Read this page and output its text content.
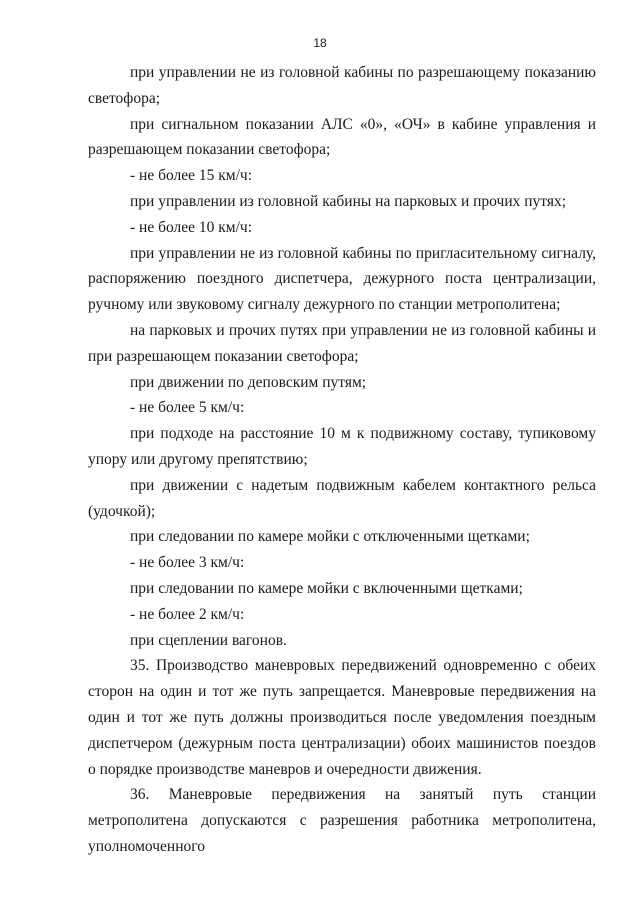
18

при управлении не из головной кабины по разрешающему показанию светофора;

при сигнальном показании АЛС «0», «ОЧ» в кабине управления и разрешающем показании светофора;

- не более 15 км/ч:

при управлении из головной кабины на парковых и прочих путях;

- не более 10 км/ч:

при управлении не из головной кабины по пригласительному сигналу, распоряжению поездного диспетчера, дежурного поста централизации, ручному или звуковому сигналу дежурного по станции метрополитена;

на парковых и прочих путях при управлении не из головной кабины и при разрешающем показании светофора;

при движении по деповским путям;

- не более 5 км/ч:

при подходе на расстояние 10 м к подвижному составу, тупиковому упору или другому препятствию;

при движении с надетым подвижным кабелем контактного рельса (удочкой);

при следовании по камере мойки с отключенными щетками;

- не более 3 км/ч:

при следовании по камере мойки с включенными щетками;

- не более 2 км/ч:

при сцеплении вагонов.

35. Производство маневровых передвижений одновременно с обеих сторон на один и тот же путь запрещается. Маневровые передвижения на один и тот же путь должны производиться после уведомления поездным диспетчером (дежурным поста централизации) обоих машинистов поездов о порядке производстве маневров и очередности движения.

36. Маневровые передвижения на занятый путь станции метрополитена допускаются с разрешения работника метрополитена, уполномоченного
